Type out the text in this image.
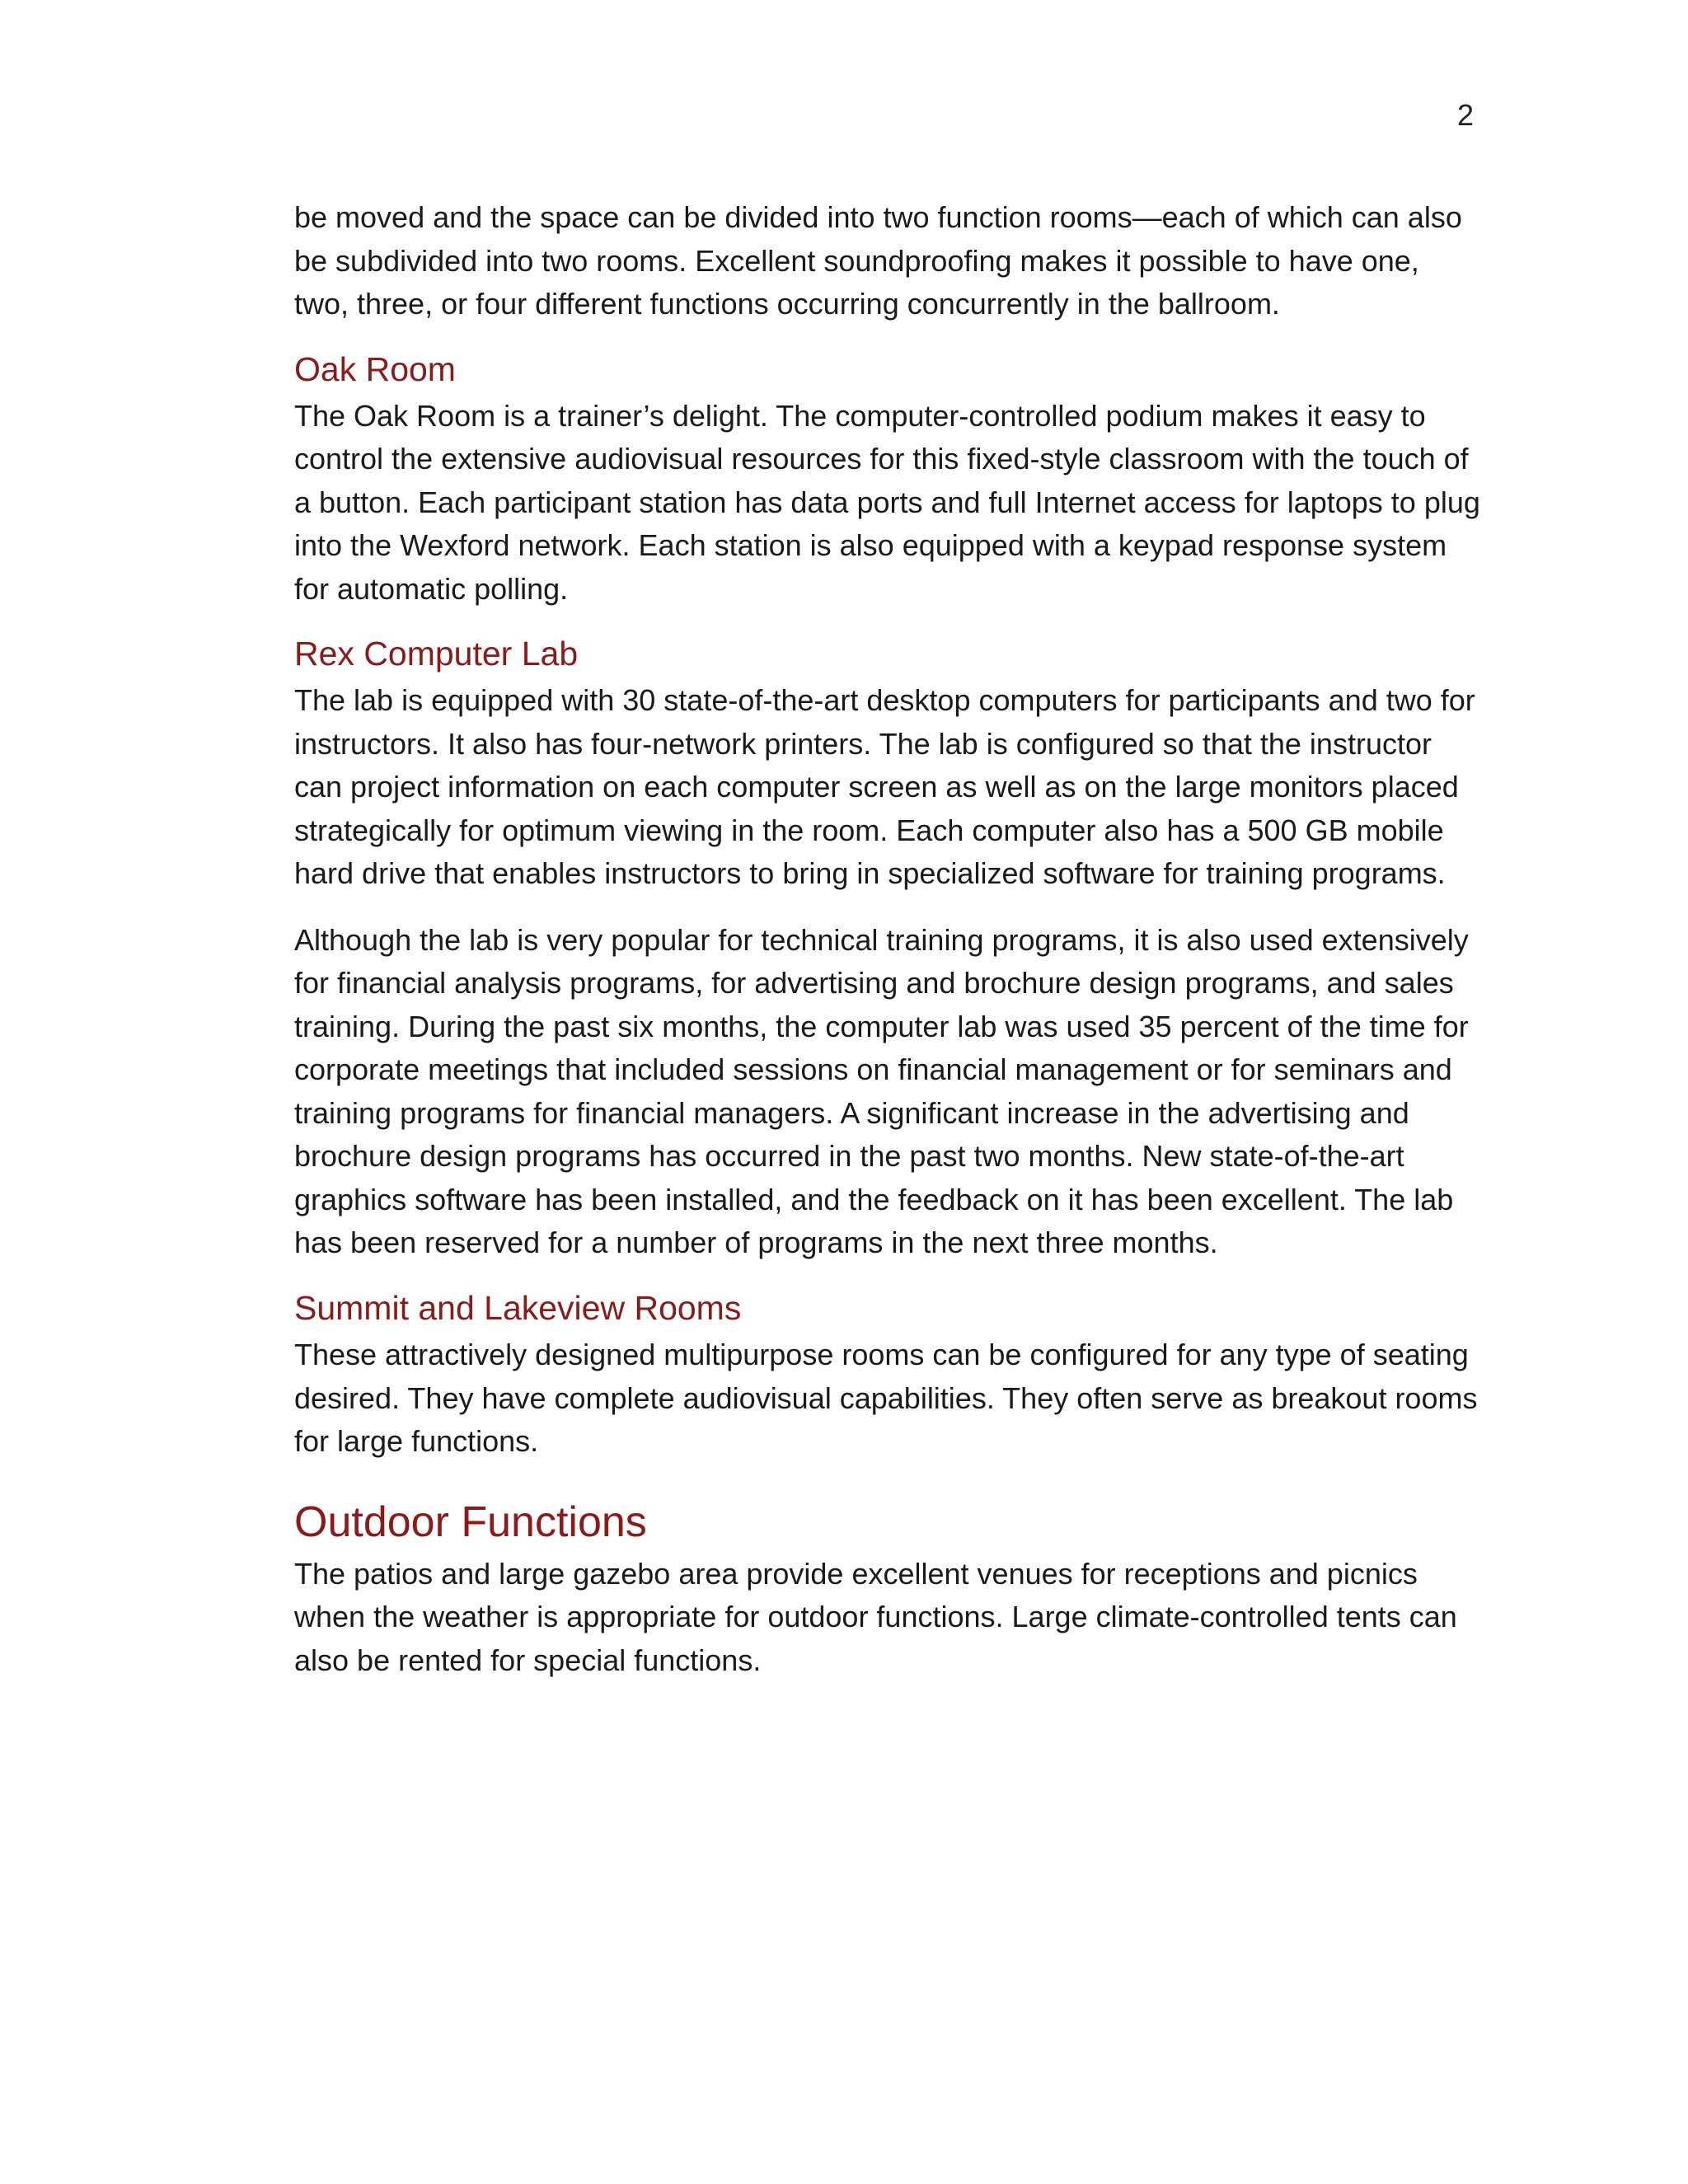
2

be moved and the space can be divided into two function rooms—each of which can also be subdivided into two rooms. Excellent soundproofing makes it possible to have one, two, three, or four different functions occurring concurrently in the ballroom.

Oak Room

The Oak Room is a trainer’s delight. The computer-controlled podium makes it easy to control the extensive audiovisual resources for this fixed-style classroom with the touch of a button. Each participant station has data ports and full Internet access for laptops to plug into the Wexford network. Each station is also equipped with a keypad response system for automatic polling.

Rex Computer Lab

The lab is equipped with 30 state-of-the-art desktop computers for participants and two for instructors. It also has four-network printers. The lab is configured so that the instructor can project information on each computer screen as well as on the large monitors placed strategically for optimum viewing in the room. Each computer also has a 500 GB mobile hard drive that enables instructors to bring in specialized software for training programs.

Although the lab is very popular for technical training programs, it is also used extensively for financial analysis programs, for advertising and brochure design programs, and sales training. During the past six months, the computer lab was used 35 percent of the time for corporate meetings that included sessions on financial management or for seminars and training programs for financial managers. A significant increase in the advertising and brochure design programs has occurred in the past two months. New state-of-the-art graphics software has been installed, and the feedback on it has been excellent. The lab has been reserved for a number of programs in the next three months.

Summit and Lakeview Rooms

These attractively designed multipurpose rooms can be configured for any type of seating desired. They have complete audiovisual capabilities. They often serve as breakout rooms for large functions.

Outdoor Functions

The patios and large gazebo area provide excellent venues for receptions and picnics when the weather is appropriate for outdoor functions. Large climate-controlled tents can also be rented for special functions.
